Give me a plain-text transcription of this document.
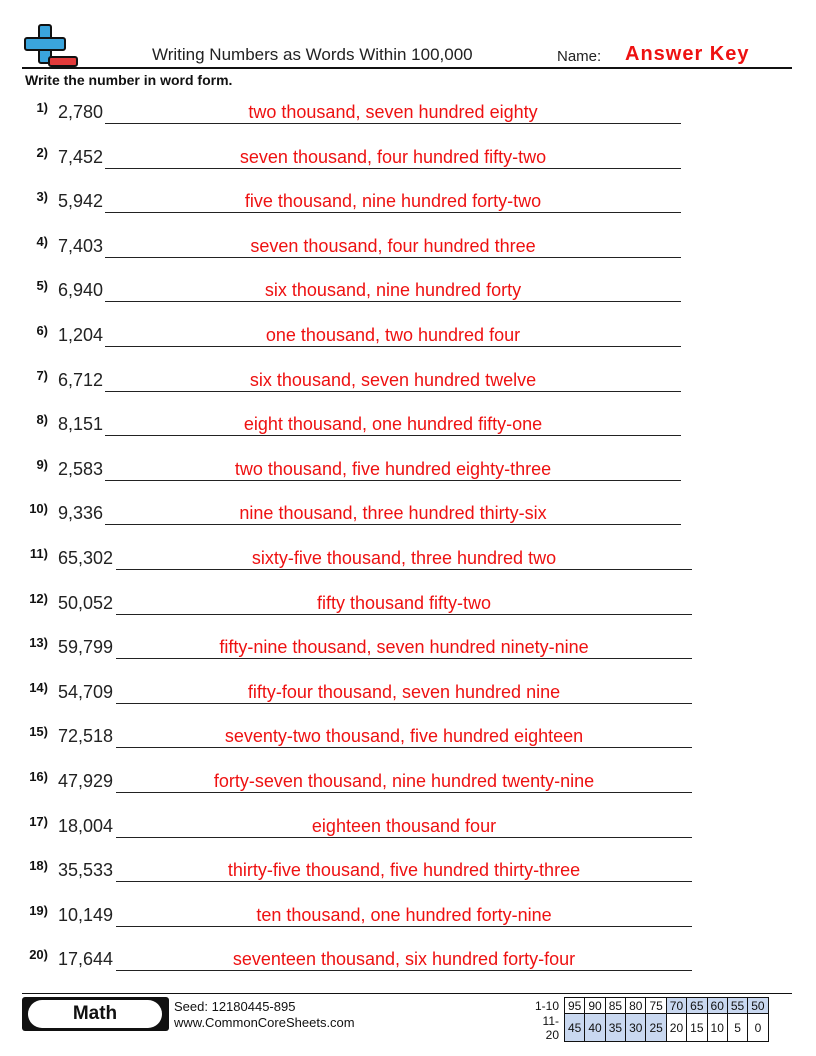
Writing Numbers as Words Within 100,000	Name: Answer Key
Write the number in word form.
1) 2,780	two thousand, seven hundred eighty
2) 7,452	seven thousand, four hundred fifty-two
3) 5,942	five thousand, nine hundred forty-two
4) 7,403	seven thousand, four hundred three
5) 6,940	six thousand, nine hundred forty
6) 1,204	one thousand, two hundred four
7) 6,712	six thousand, seven hundred twelve
8) 8,151	eight thousand, one hundred fifty-one
9) 2,583	two thousand, five hundred eighty-three
10) 9,336	nine thousand, three hundred thirty-six
11) 65,302	sixty-five thousand, three hundred two
12) 50,052	fifty thousand fifty-two
13) 59,799	fifty-nine thousand, seven hundred ninety-nine
14) 54,709	fifty-four thousand, seven hundred nine
15) 72,518	seventy-two thousand, five hundred eighteen
16) 47,929	forty-seven thousand, nine hundred twenty-nine
17) 18,004	eighteen thousand four
18) 35,533	thirty-five thousand, five hundred thirty-three
19) 10,149	ten thousand, one hundred forty-nine
20) 17,644	seventeen thousand, six hundred forty-four
Math	Seed: 12180445-895
www.CommonCoreSheets.com
1-10	95	90	85	80	75	70	65	60	55	50
11-20	45	40	35	30	25	20	15	10	5	0
